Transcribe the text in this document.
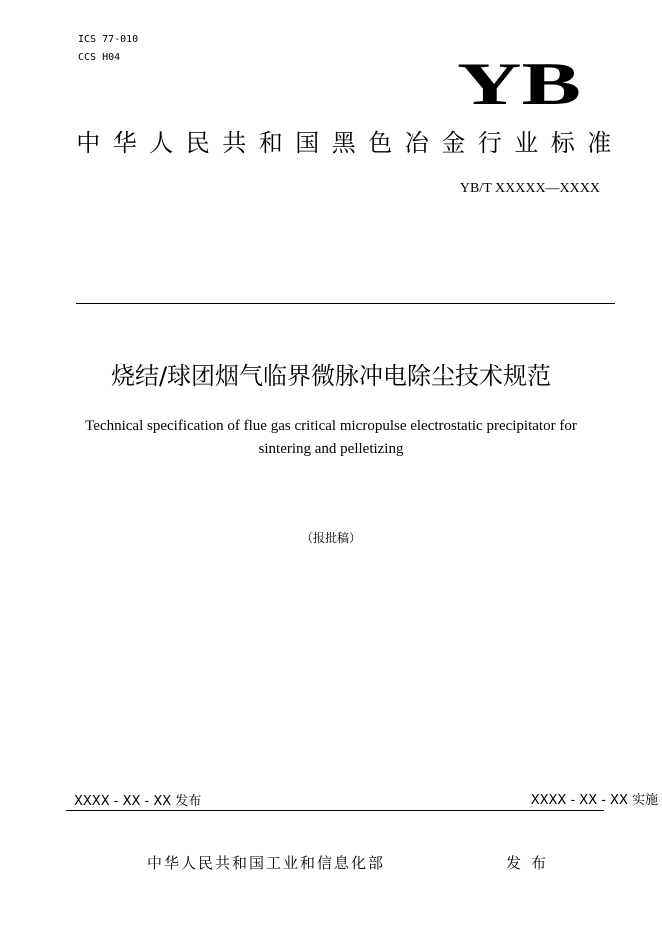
ICS 77-010
CCS H04	YB
中华人民共和国黑色冶金行业标准
YB/T XXXXX—XXXX
烧结/球团烟气临界微脉冲电除尘技术规范
Technical specification of flue gas critical micropulse electrostatic precipitator for sintering and pelletizing
（报批稿）
XXXX - XX - XX 发布	XXXX - XX - XX 实施
中华人民共和国工业和信息化部	发布
